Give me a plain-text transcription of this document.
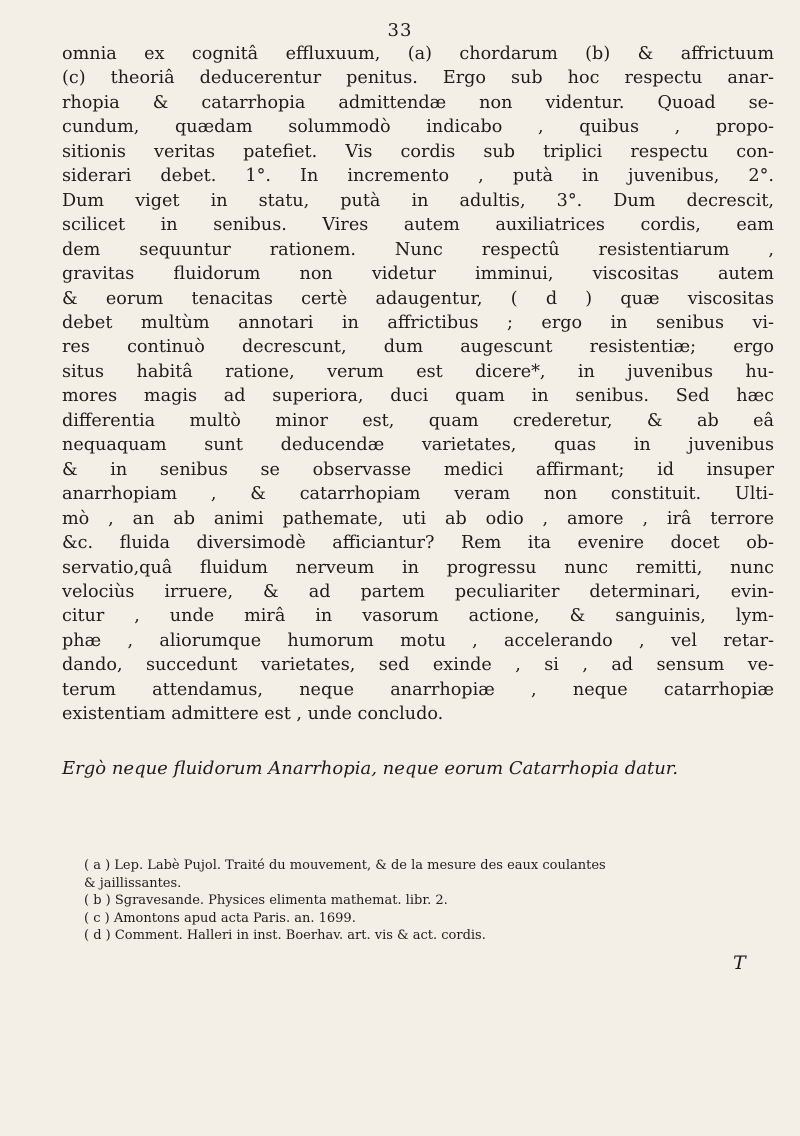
33
omnia ex cognitâ effluxuum, (a) chordarum (b) & affrictuum
(c) theoriâ deducerentur penitus. Ergo sub hoc respectu anar-
rhopia & catarrhopia admittendæ non videntur. Quoad se-
cundum, quædam solummodò indicabo , quibus , propo-
sitionis veritas patefiet. Vis cordis sub triplici respectu con-
siderari debet. 1°. In incremento , putà in juvenibus, 2°.
Dum viget in statu, putà in adultis, 3°. Dum decrescit,
scilicet in senibus. Vires autem auxiliatrices cordis, eam
dem sequuntur rationem. Nunc respectû resistentiarum ,
gravitas fluidorum non videtur imminui, viscositas autem
& eorum tenacitas certè adaugentur, ( d ) quæ viscositas
debet multùm annotari in affrictibus ; ergo in senibus vi-
res continuò decrescunt, dum augescunt resistentiæ; ergo
situs habitâ ratione, verum est dicere*, in juvenibus hu-
mores magis ad superiora, duci quam in senibus. Sed hæc
differentia multò minor est, quam crederetur, & ab eâ
nequaquam sunt deducendæ varietates, quas in juvenibus
& in senibus se observasse medici affirmant; id insuper
anarrhopiam , & catarrhopiam veram non constituit. Ulti-
mò , an ab animi pathemate, uti ab odio , amore , irâ terrore
&c. fluida diversimodè afficiantur? Rem ita evenire docet ob-
servatio,quâ fluidum nerveum in progressu nunc remitti, nunc
velociùs irruere, & ad partem peculiariter determinari, evin-
citur , unde mirâ in vasorum actione, & sanguinis, lym-
phæ , aliorumque humorum motu , accelerando , vel retar-
dando, succedunt varietates, sed exinde , si , ad sensum ve-
terum attendamus, neque anarrhopiæ , neque catarrhopiæ
existentiam admittere est , unde concludo.
Ergò neque fluidorum Anarrhopia, neque eorum Catarrhopia datur.
( a ) Lep. Labè Pujol. Traité du mouvement, & de la mesure des eaux coulantes
& jaillissantes.
( b ) Sgravesande. Physices elimenta mathemat. libr. 2.
( c ) Amontons apud acta Paris. an. 1699.
( d ) Comment. Halleri in inst. Boerhav. art. vis & act. cordis.
T
